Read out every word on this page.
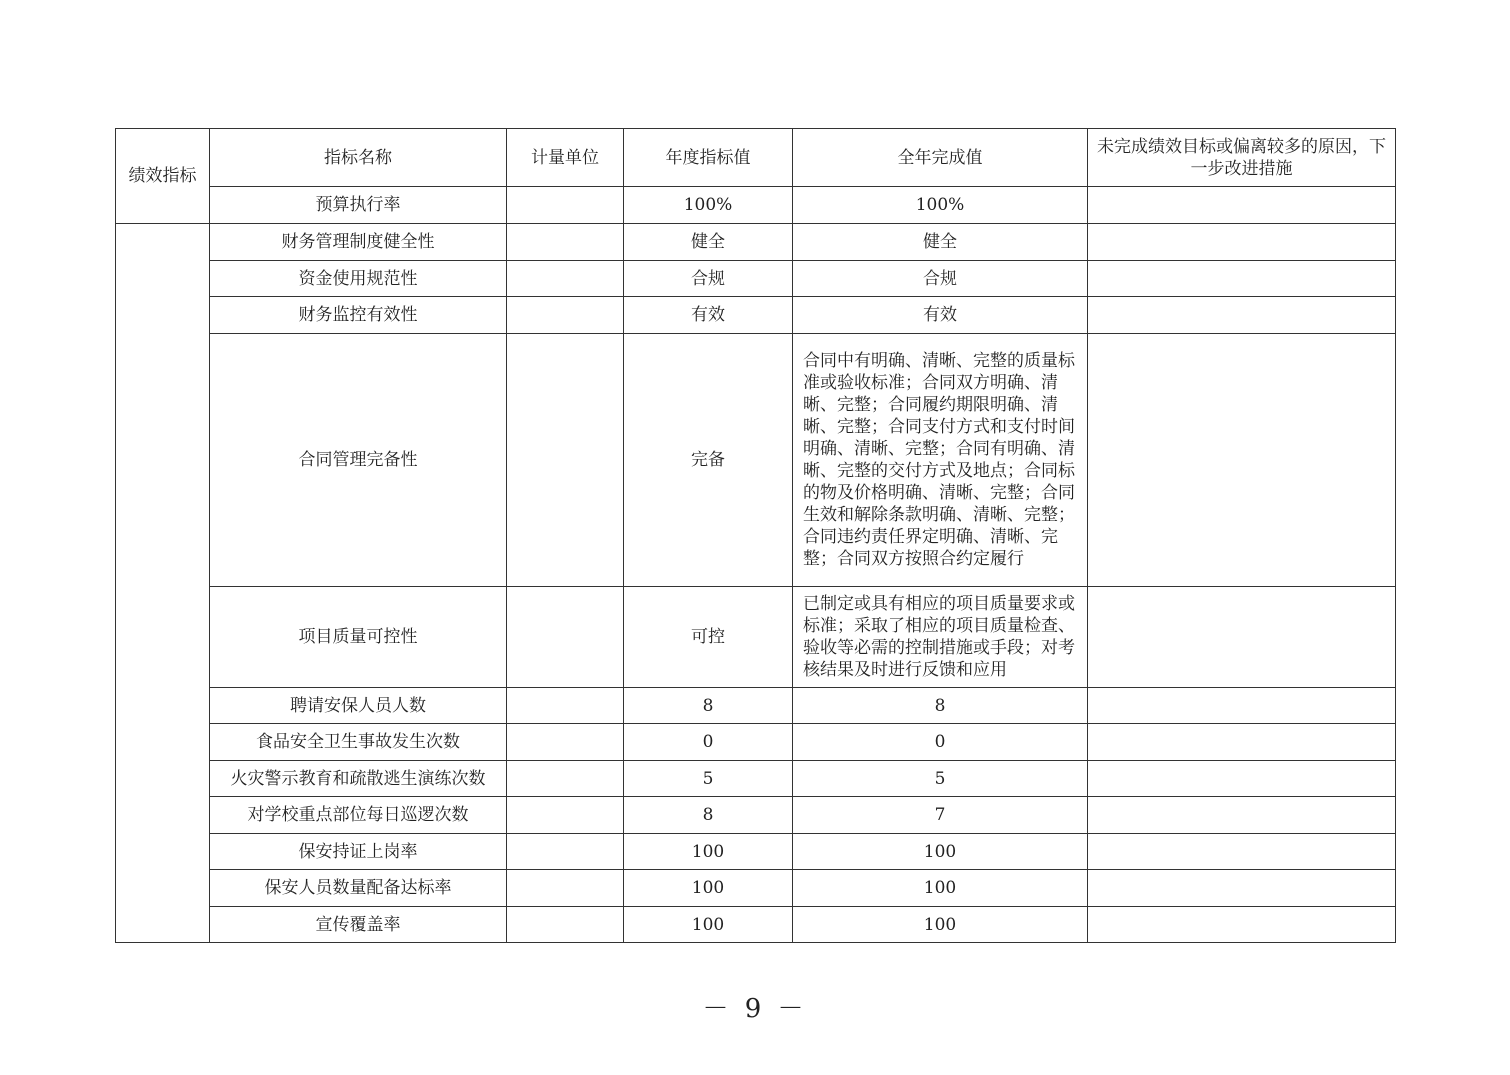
绩效指标	指标名称	计量单位	年度指标值	全年完成值	未完成绩效目标或偏离较多的原因，下一步改进措施
	预算执行率		100%	100%	
	财务管理制度健全性		健全	健全	
	资金使用规范性		合规	合规	
	财务监控有效性		有效	有效	
	合同管理完备性		完备	合同中有明确、清晰、完整的质量标准或验收标准；合同双方明确、清晰、完整；合同履约期限明确、清晰、完整；合同支付方式和支付时间明确、清晰、完整；合同有明确、清晰、完整的交付方式及地点；合同标的物及价格明确、清晰、完整；合同生效和解除条款明确、清晰、完整；合同违约责任界定明确、清晰、完整；合同双方按照合约定履行	
	项目质量可控性		可控	已制定或具有相应的项目质量要求或标准；采取了相应的项目质量检查、验收等必需的控制措施或手段；对考核结果及时进行反馈和应用	
	聘请安保人员人数		8	8	
	食品安全卫生事故发生次数		0	0	
	火灾警示教育和疏散逃生演练次数		5	5	
	对学校重点部位每日巡逻次数		8	7	
	保安持证上岗率		100	100	
	保安人员数量配备达标率		100	100	
	宣传覆盖率		100	100	
－ 9 －
